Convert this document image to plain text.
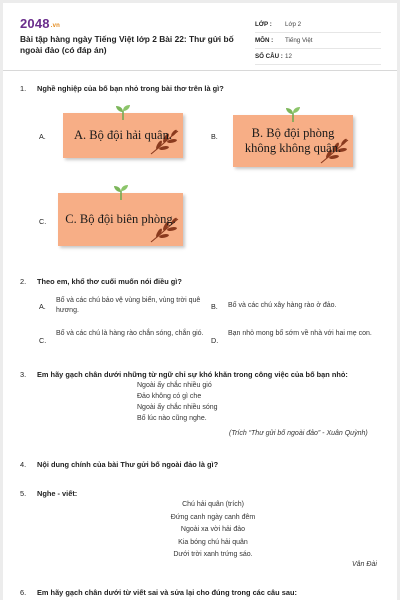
2048.vn
Bài tập hàng ngày Tiếng Việt lớp 2 Bài 22: Thư gửi bố ngoài đảo (có đáp án)
LỚP :	Lớp 2
MÔN :	Tiếng Việt
SỐ CÂU : 12
1. Nghề nghiệp của bố bạn nhỏ trong bài thơ trên là gì?
A. A. Bộ đội hải quân.	B.	B. Bộ đội phòng không không quân.
C. C. Bộ đội biên phòng.
2. Theo em, khổ thơ cuối muốn nói điều gì?
A.
Bố và các chú bảo vệ vùng biển, vùng trời quê hương.	B. Bố và các chú xây hàng rào ở đảo.
C.
Bố và các chú là hàng rào chắn sóng, chắn gió.
D.
Bạn nhỏ mong bố sớm về nhà với hai mẹ con.
3. Em hãy gạch chân dưới những từ ngữ chỉ sự khó khăn trong công việc của bố bạn nhỏ:
Ngoài ấy chắc nhiều gió
Đảo không có gì che
Ngoài ấy chắc nhiều sóng
Bố lúc nào cũng nghe.
(Trích “Thư gửi bố ngoài đảo” - Xuân Quỳnh)
4. Nội dung chính của bài Thư gửi bố ngoài đảo là gì?
5. Nghe - viết:
Chú hải quân (trích)
Đứng canh ngày canh đêm
Ngoài xa vời hải đảo
Kia bóng chú hải quân
Dưới trời xanh trứng sáo.
Vân Đài
6. Em hãy gạch chân dưới từ viết sai và sửa lại cho đúng trong các câu sau:
